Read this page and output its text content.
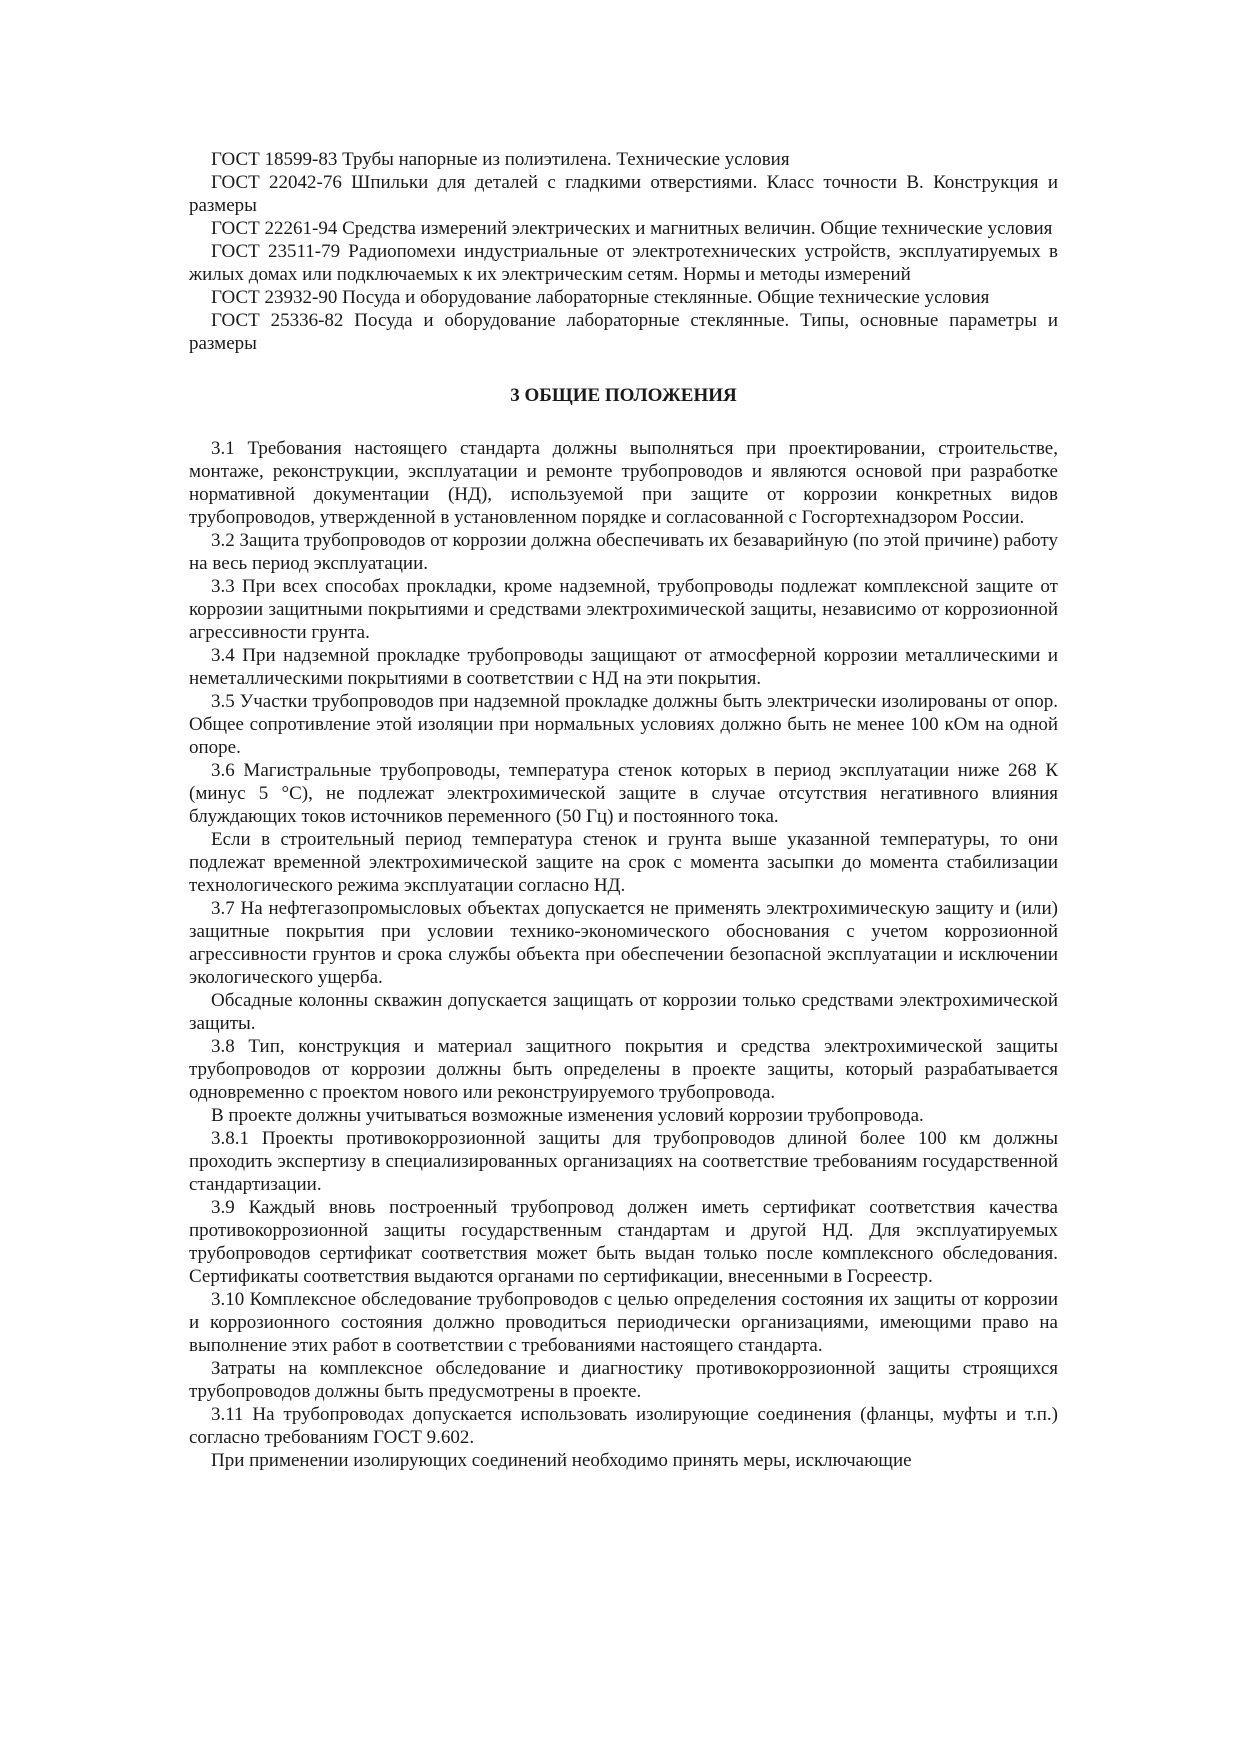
ГОСТ 18599-83 Трубы напорные из полиэтилена. Технические условия

ГОСТ 22042-76 Шпильки для деталей с гладкими отверстиями. Класс точности В. Конструкция и размеры

ГОСТ 22261-94 Средства измерений электрических и магнитных величин. Общие технические условия

ГОСТ 23511-79 Радиопомехи индустриальные от электротехнических устройств, эксплуатируемых в жилых домах или подключаемых к их электрическим сетям. Нормы и методы измерений

ГОСТ 23932-90 Посуда и оборудование лабораторные стеклянные. Общие технические условия

ГОСТ 25336-82 Посуда и оборудование лабораторные стеклянные. Типы, основные параметры и размеры

3 ОБЩИЕ ПОЛОЖЕНИЯ

3.1 Требования настоящего стандарта должны выполняться при проектировании, строительстве, монтаже, реконструкции, эксплуатации и ремонте трубопроводов и являются основой при разработке нормативной документации (НД), используемой при защите от коррозии конкретных видов трубопроводов, утвержденной в установленном порядке и согласованной с Госгортехнадзором России.

3.2 Защита трубопроводов от коррозии должна обеспечивать их безаварийную (по этой причине) работу на весь период эксплуатации.

3.3 При всех способах прокладки, кроме надземной, трубопроводы подлежат комплексной защите от коррозии защитными покрытиями и средствами электрохимической защиты, независимо от коррозионной агрессивности грунта.

3.4 При надземной прокладке трубопроводы защищают от атмосферной коррозии металлическими и неметаллическими покрытиями в соответствии с НД на эти покрытия.

3.5 Участки трубопроводов при надземной прокладке должны быть электрически изолированы от опор. Общее сопротивление этой изоляции при нормальных условиях должно быть не менее 100 кОм на одной опоре.

3.6 Магистральные трубопроводы, температура стенок которых в период эксплуатации ниже 268 К (минус 5 °С), не подлежат электрохимической защите в случае отсутствия негативного влияния блуждающих токов источников переменного (50 Гц) и постоянного тока.

Если в строительный период температура стенок и грунта выше указанной температуры, то они подлежат временной электрохимической защите на срок с момента засыпки до момента стабилизации технологического режима эксплуатации согласно НД.

3.7 На нефтегазопромысловых объектах допускается не применять электрохимическую защиту и (или) защитные покрытия при условии технико-экономического обоснования с учетом коррозионной агрессивности грунтов и срока службы объекта при обеспечении безопасной эксплуатации и исключении экологического ущерба.

Обсадные колонны скважин допускается защищать от коррозии только средствами электрохимической защиты.

3.8 Тип, конструкция и материал защитного покрытия и средства электрохимической защиты трубопроводов от коррозии должны быть определены в проекте защиты, который разрабатывается одновременно с проектом нового или реконструируемого трубопровода.

В проекте должны учитываться возможные изменения условий коррозии трубопровода.

3.8.1 Проекты противокоррозионной защиты для трубопроводов длиной более 100 км должны проходить экспертизу в специализированных организациях на соответствие требованиям государственной стандартизации.

3.9 Каждый вновь построенный трубопровод должен иметь сертификат соответствия качества противокоррозионной защиты государственным стандартам и другой НД. Для эксплуатируемых трубопроводов сертификат соответствия может быть выдан только после комплексного обследования. Сертификаты соответствия выдаются органами по сертификации, внесенными в Госреестр.

3.10 Комплексное обследование трубопроводов с целью определения состояния их защиты от коррозии и коррозионного состояния должно проводиться периодически организациями, имеющими право на выполнение этих работ в соответствии с требованиями настоящего стандарта.

Затраты на комплексное обследование и диагностику противокоррозионной защиты строящихся трубопроводов должны быть предусмотрены в проекте.

3.11 На трубопроводах допускается использовать изолирующие соединения (фланцы, муфты и т.п.) согласно требованиям ГОСТ 9.602.

При применении изолирующих соединений необходимо принять меры, исключающие
